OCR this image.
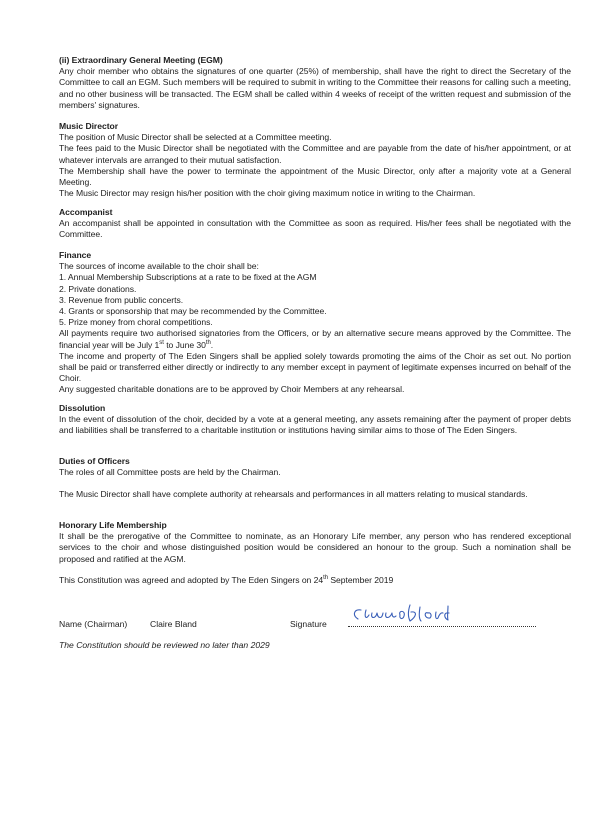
(ii) Extraordinary General Meeting (EGM)

Any choir member who obtains the signatures of one quarter (25%) of membership, shall have the right to direct the Secretary of the Committee to call an EGM. Such members will be required to submit in writing to the Committee their reasons for calling such a meeting, and no other business will be transacted. The EGM shall be called within 4 weeks of receipt of the written request and submission of the members' signatures.

Music Director

The position of Music Director shall be selected at a Committee meeting.

The fees paid to the Music Director shall be negotiated with the Committee and are payable from the date of his/her appointment, or at whatever intervals are arranged to their mutual satisfaction.

The Membership shall have the power to terminate the appointment of the Music Director, only after a majority vote at a General Meeting.

The Music Director may resign his/her position with the choir giving maximum notice in writing to the Chairman.

Accompanist

An accompanist shall be appointed in consultation with the Committee as soon as required. His/her fees shall be negotiated with the Committee.

Finance

The sources of income available to the choir shall be:

1. Annual Membership Subscriptions at a rate to be fixed at the AGM
2. Private donations.
3. Revenue from public concerts.
4. Grants or sponsorship that may be recommended by the Committee.
5. Prize money from choral competitions.

All payments require two authorised signatories from the Officers, or by an alternative secure means approved by the Committee. The financial year will be July 1st to June 30th.

The income and property of The Eden Singers shall be applied solely towards promoting the aims of the Choir as set out. No portion shall be paid or transferred either directly or indirectly to any member except in payment of legitimate expenses incurred on behalf of the Choir.

Any suggested charitable donations are to be approved by Choir Members at any rehearsal.

Dissolution

In the event of dissolution of the choir, decided by a vote at a general meeting, any assets remaining after the payment of proper debts and liabilities shall be transferred to a charitable institution or institutions having similar aims to those of The Eden Singers.

Duties of Officers

The roles of all Committee posts are held by the Chairman.

The Music Director shall have complete authority at rehearsals and performances in all matters relating to musical standards.

Honorary Life Membership

It shall be the prerogative of the Committee to nominate, as an Honorary Life member, any person who has rendered exceptional services to the choir and whose distinguished position would be considered an honour to the group. Such a nomination shall be proposed and ratified at the AGM.

This Constitution was agreed and adopted by The Eden Singers on 24th September 2019

Name (Chairman)	Claire Bland	Signature
The Constitution should be reviewed no later than 2029
